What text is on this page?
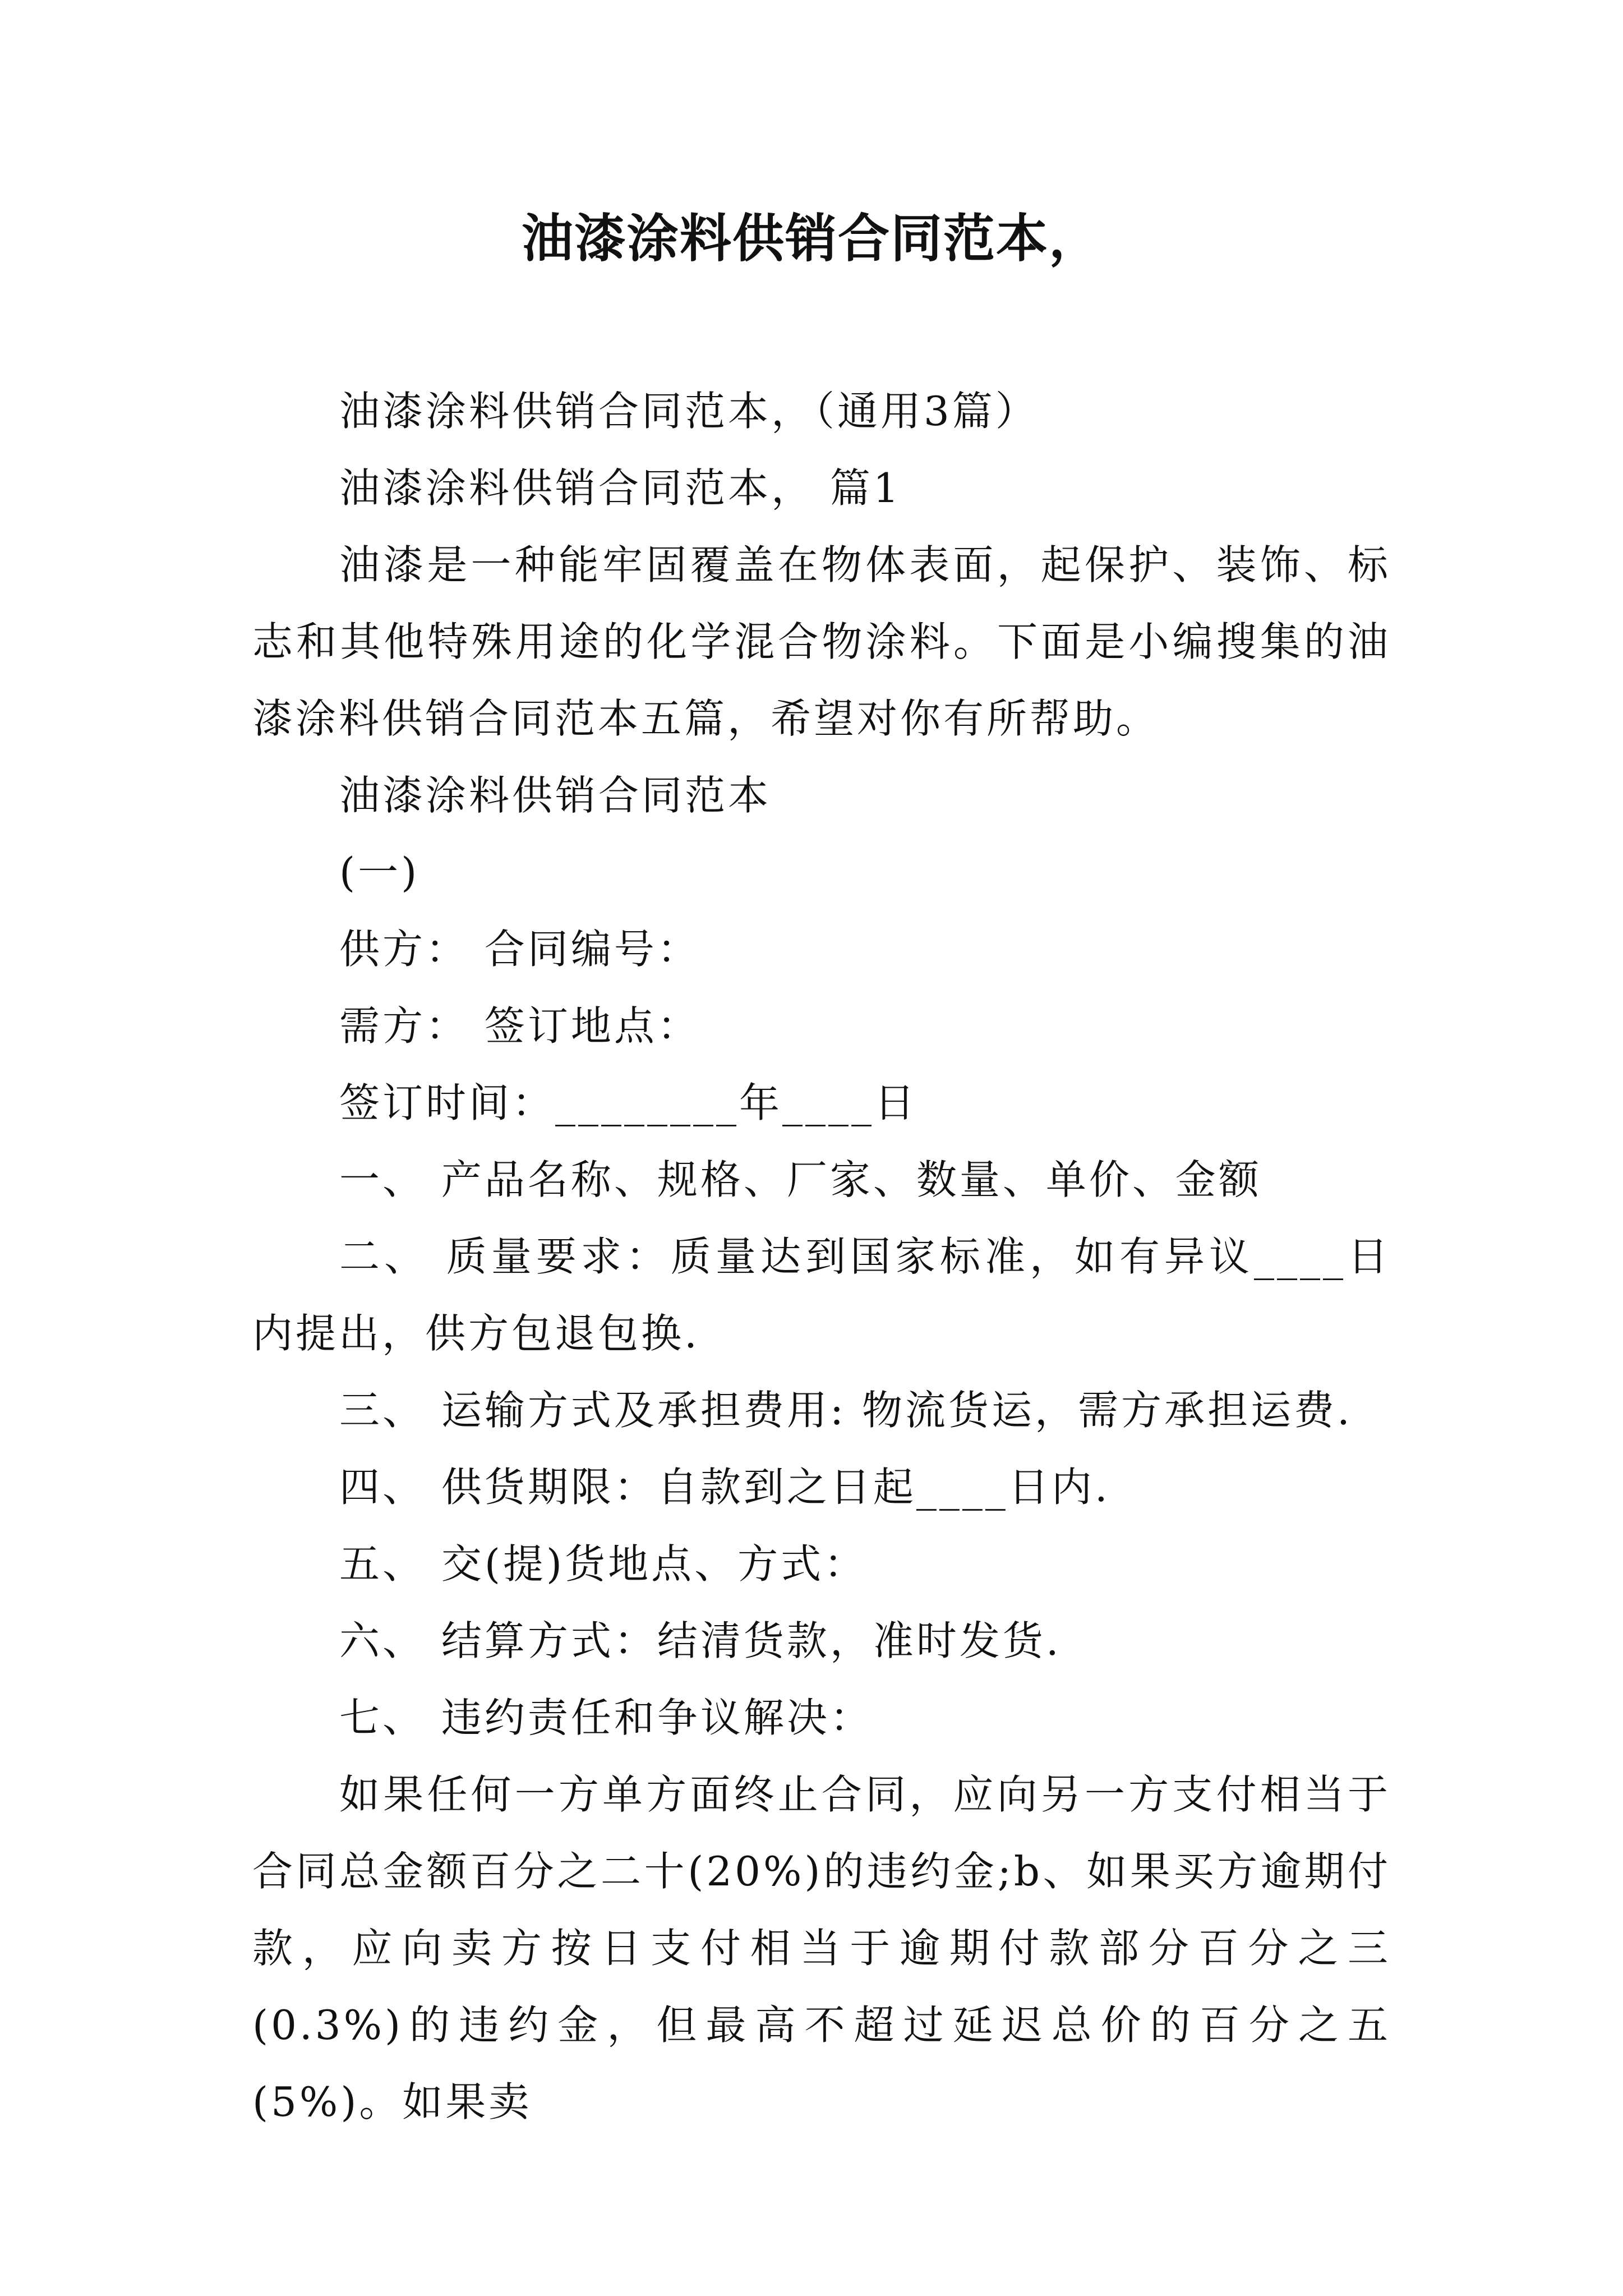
油漆涂料供销合同范本，

油漆涂料供销合同范本，（通用3篇）

油漆涂料供销合同范本， 篇1

油漆是一种能牢固覆盖在物体表面，起保护、装饰、标志和其他特殊用途的化学混合物涂料。下面是小编搜集的油漆涂料供销合同范本五篇，希望对你有所帮助。

油漆涂料供销合同范本

(一)

供方： 合同编号：

需方： 签订地点：

签订时间：________年____日

一、 产品名称、规格、厂家、数量、单价、金额

二、 质量要求：质量达到国家标准，如有异议____日内提出，供方包退包换.

三、 运输方式及承担费用: 物流货运，需方承担运费.

四、 供货期限：自款到之日起____日内.

五、 交(提)货地点、方式：

六、 结算方式：结清货款，准时发货.

七、 违约责任和争议解决：

如果任何一方单方面终止合同，应向另一方支付相当于合同总金额百分之二十(20%)的违约金;b、如果买方逾期付款，应向卖方按日支付相当于逾期付款部分百分之三(0.3%)的违约金，但最高不超过延迟总价的百分之五(5%)。如果卖
